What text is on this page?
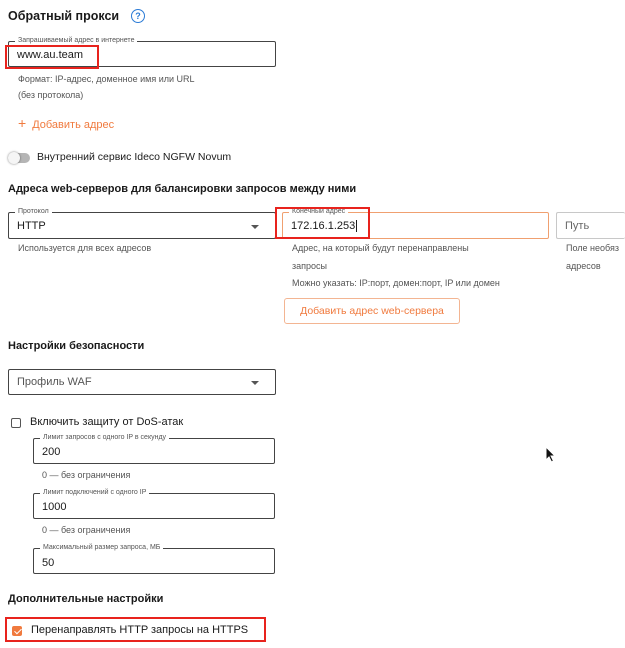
Обратный прокси	?
Запрашиваемый адрес в интернете
www.au.team
Формат: IP-адрес, доменное имя или URL
(без протокола)
+ Добавить адрес
Внутренний сервис Ideco NGFW Novum
Адреса web-серверов для балансировки запросов между ними
Протокол
HTTP
Используется для всех адресов
Конечный адрес
172.16.1.253
Адрес, на который будут перенаправлены
запросы
Можно указать: IP:порт, домен:порт, IP или домен
Путь
Поле необяз
адресов
Добавить адрес web-сервера
Настройки безопасности
Профиль WAF
Включить защиту от DoS-атак
Лимит запросов с одного IP в секунду
200
0 — без ограничения
Лимит подключений с одного IP
1000
0 — без ограничения
Максимальный размер запроса, МБ
50
Дополнительные настройки
Перенаправлять HTTP запросы на HTTPS
